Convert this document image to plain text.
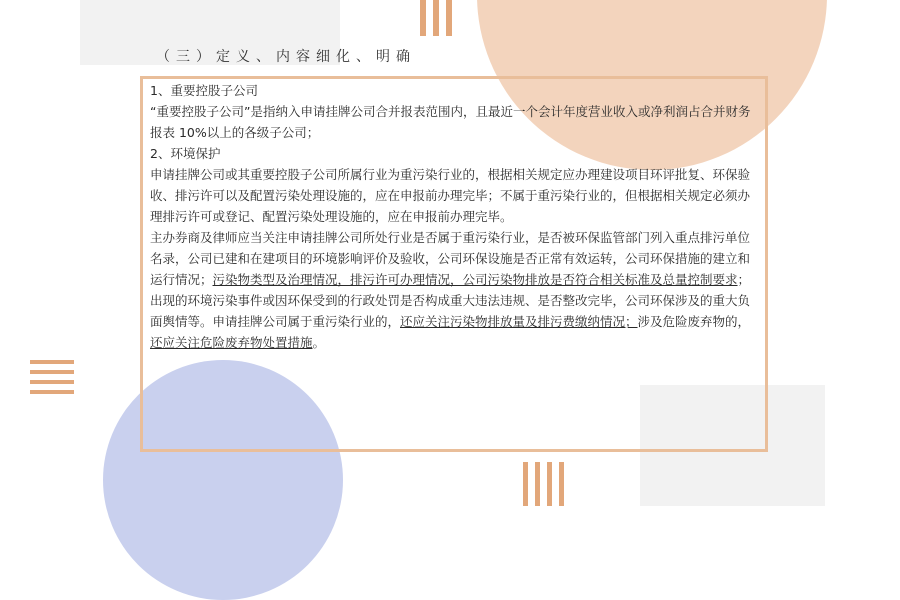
（三）定义、内容细化、明确

1、重要控股子公司

“重要控股子公司”是指纳入申请挂牌公司合并报表范围内，且最近一个会计年度营业收入或净利润占合并财务报表 10%以上的各级子公司；

2、环境保护

申请挂牌公司或其重要控股子公司所属行业为重污染行业的，根据相关规定应办理建设项目环评批复、环保验收、排污许可以及配置污染处理设施的，应在申报前办理完毕；不属于重污染行业的，但根据相关规定必须办理排污许可或登记、配置污染处理设施的，应在申报前办理完毕。

主办券商及律师应当关注申请挂牌公司所处行业是否属于重污染行业，是否被环保监管部门列入重点排污单位名录，公司已建和在建项目的环境影响评价及验收，公司环保设施是否正常有效运转，公司环保措施的建立和运行情况；污染物类型及治理情况，排污许可办理情况，公司污染物排放是否符合相关标准及总量控制要求；出现的环境污染事件或因环保受到的行政处罚是否构成重大违法违规、是否整改完毕，公司环保涉及的重大负面舆情等。申请挂牌公司属于重污染行业的，还应关注污染物排放量及排污费缴纳情况；涉及危险废弃物的，还应关注危险废弃物处置措施。
